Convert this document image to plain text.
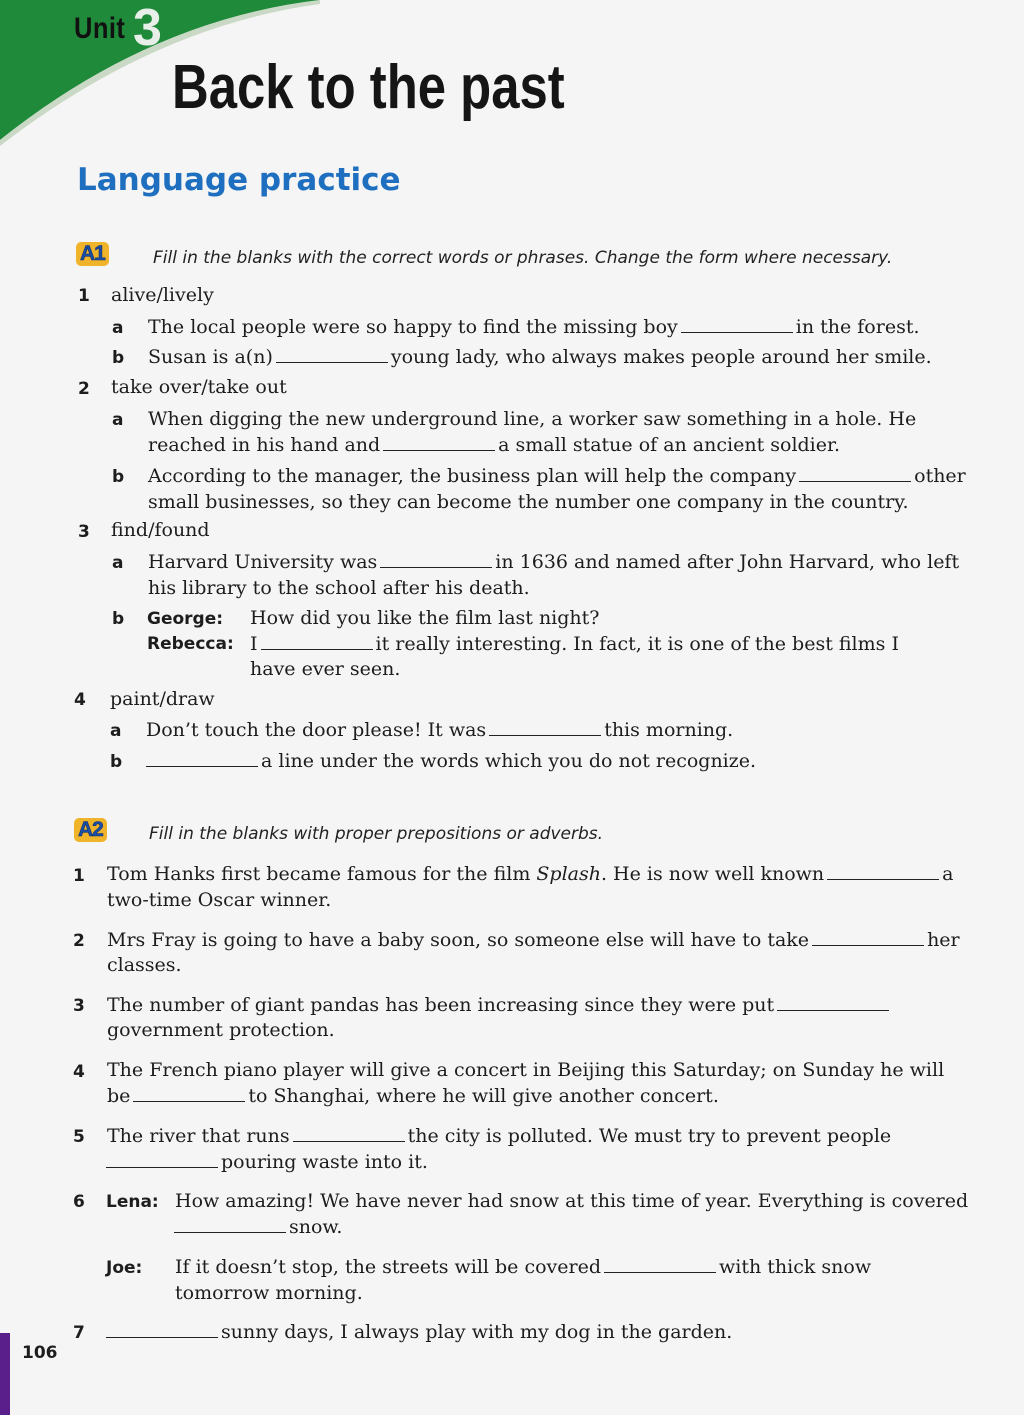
Unit 3
Back to the past
Language practice
A1	Fill in the blanks with the correct words or phrases. Change the form where necessary.
1 alive/lively
a The local people were so happy to find the missing boy	in the forest.
b Susan is a(n)	young lady, who always makes people around her smile.
2 take over/take out
a When digging the new underground line, a worker saw something in a hole. He
reached in his hand and	a small statue of an ancient soldier.
b According to the manager, the business plan will help the company	other
small businesses, so they can become the number one company in the country.
3 find/found
a Harvard University was	in 1636 and named after John Harvard, who left
his library to the school after his death.
b George: How did you like the film last night?
Rebecca: I	it really interesting. In fact, it is one of the best films I
have ever seen.
4 paint/draw
a Don’t touch the door please! It was	this morning.
b	a line under the words which you do not recognize.
A2	Fill in the blanks with proper prepositions or adverbs.
1 Tom Hanks first became famous for the film Splash. He is now well known	a
two-time Oscar winner.
2 Mrs Fray is going to have a baby soon, so someone else will have to take	her
classes.
3 The number of giant pandas has been increasing since they were put
government protection.
4 The French piano player will give a concert in Beijing this Saturday; on Sunday he will
be	to Shanghai, where he will give another concert.
5 The river that runs	the city is polluted. We must try to prevent people
pouring waste into it.
6 Lena: How amazing! We have never had snow at this time of year. Everything is covered
snow.
Joe: If it doesn’t stop, the streets will be covered	with thick snow
tomorrow morning.
7	sunny days, I always play with my dog in the garden.
106
